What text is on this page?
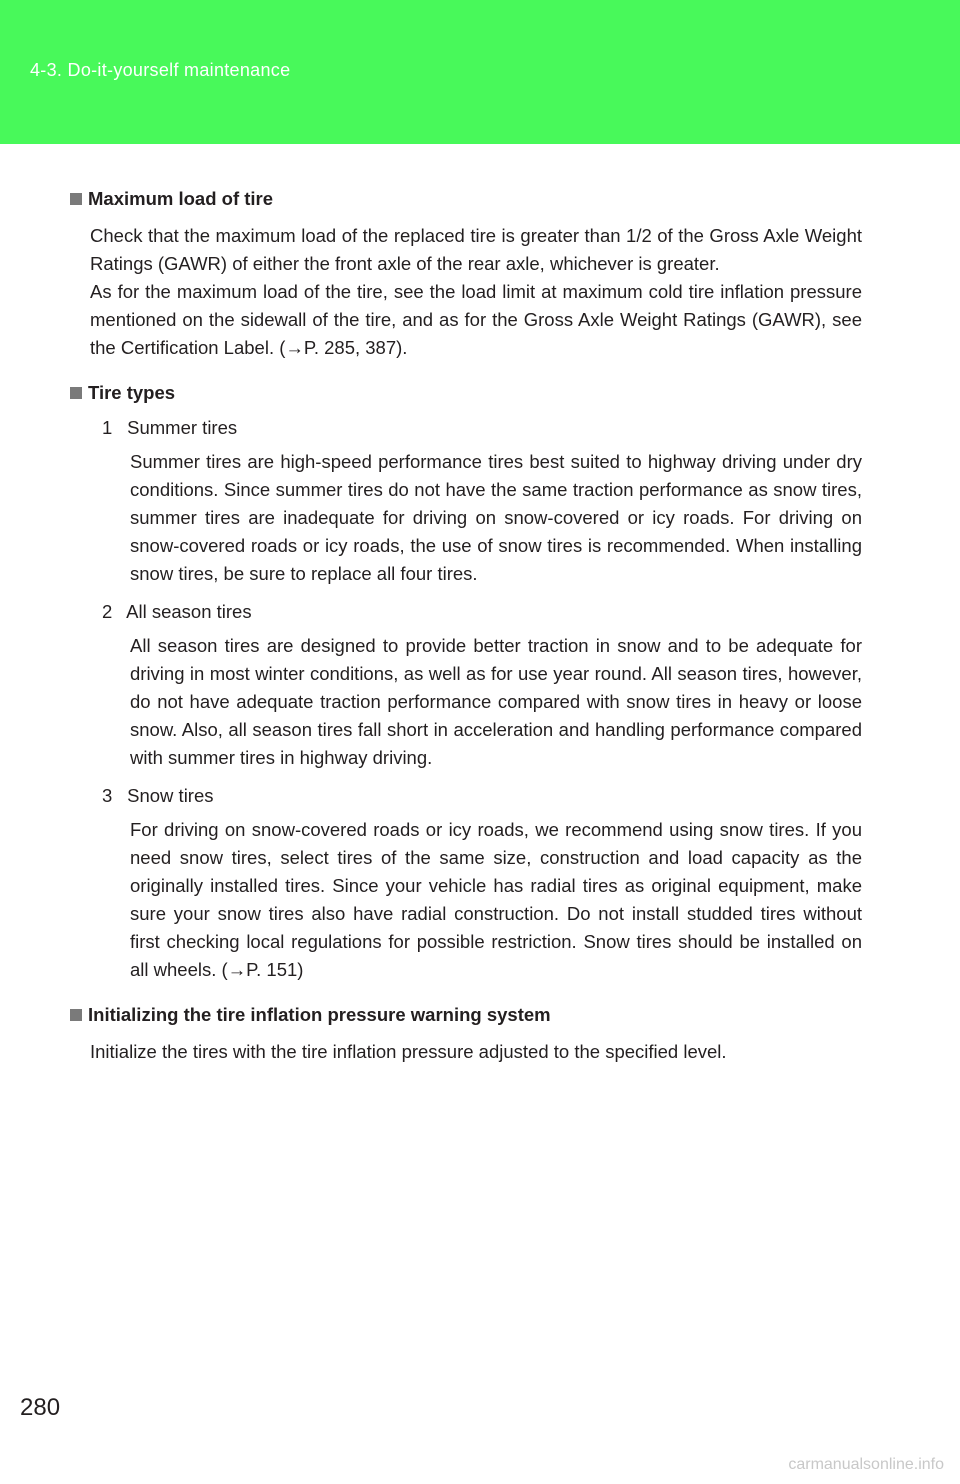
4-3. Do-it-yourself maintenance
Maximum load of tire

Check that the maximum load of the replaced tire is greater than 1/2 of the Gross Axle Weight Ratings (GAWR) of either the front axle of the rear axle, whichever is greater.

As for the maximum load of the tire, see the load limit at maximum cold tire inflation pressure mentioned on the sidewall of the tire, and as for the Gross Axle Weight Ratings (GAWR), see the Certification Label. (→P. 285, 387).

Tire types
1 Summer tires

Summer tires are high-speed performance tires best suited to highway driving under dry conditions. Since summer tires do not have the same traction performance as snow tires, summer tires are inadequate for driving on snow-covered or icy roads. For driving on snow-covered roads or icy roads, the use of snow tires is recommended. When installing snow tires, be sure to replace all four tires.

2 All season tires

All season tires are designed to provide better traction in snow and to be adequate for driving in most winter conditions, as well as for use year round. All season tires, however, do not have adequate traction performance compared with snow tires in heavy or loose snow. Also, all season tires fall short in acceleration and handling performance compared with summer tires in highway driving.

3 Snow tires

For driving on snow-covered roads or icy roads, we recommend using snow tires. If you need snow tires, select tires of the same size, construction and load capacity as the originally installed tires. Since your vehicle has radial tires as original equipment, make sure your snow tires also have radial construction. Do not install studded tires without first checking local regulations for possible restriction. Snow tires should be installed on all wheels. (→P. 151)

Initializing the tire inflation pressure warning system

Initialize the tires with the tire inflation pressure adjusted to the specified level.

280
carmanualsonline.info
